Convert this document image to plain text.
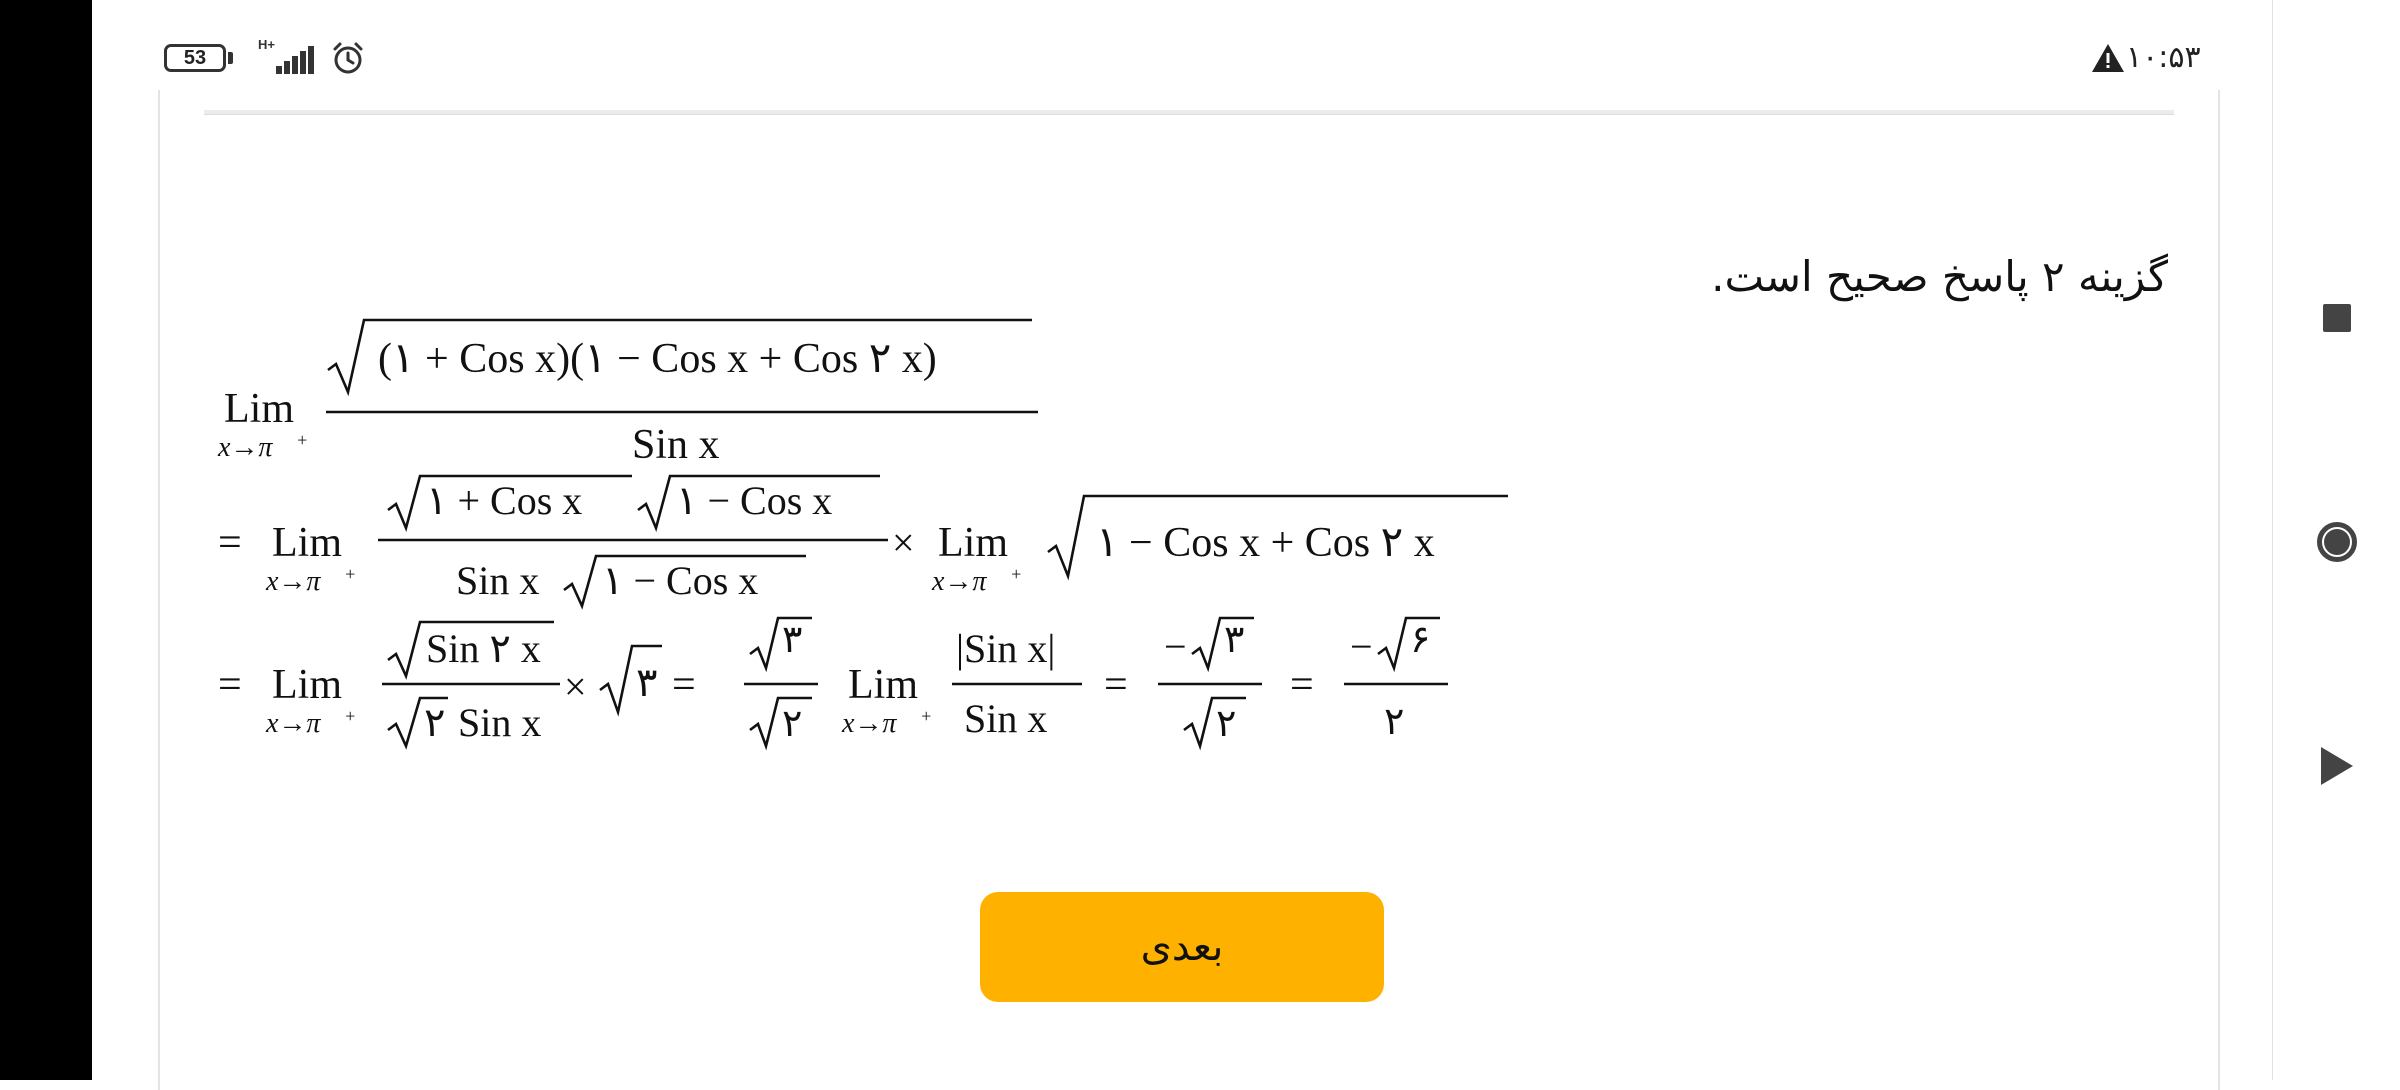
53
H+	۱۰:۵۳
گزینه ۲ پاسخ صحیح است.
Lim
x→π +
(۱ + Cos x)(۱ − Cos x + Cos ۲ x)
Sin x
= Lim
x→π +
۱ + Cos x ۱ − Cos x
Sin x ۱ − Cos x
× Lim
x→π +
۱ − Cos x + Cos ۲ x
= Lim
x→π +
Sin ۲ x
۲ Sin x
× ۳ =
۳
۲
Lim
x→π +
|Sin x|
Sin x
=
− ۳
۲
=
− ۶
۲
بعدی
